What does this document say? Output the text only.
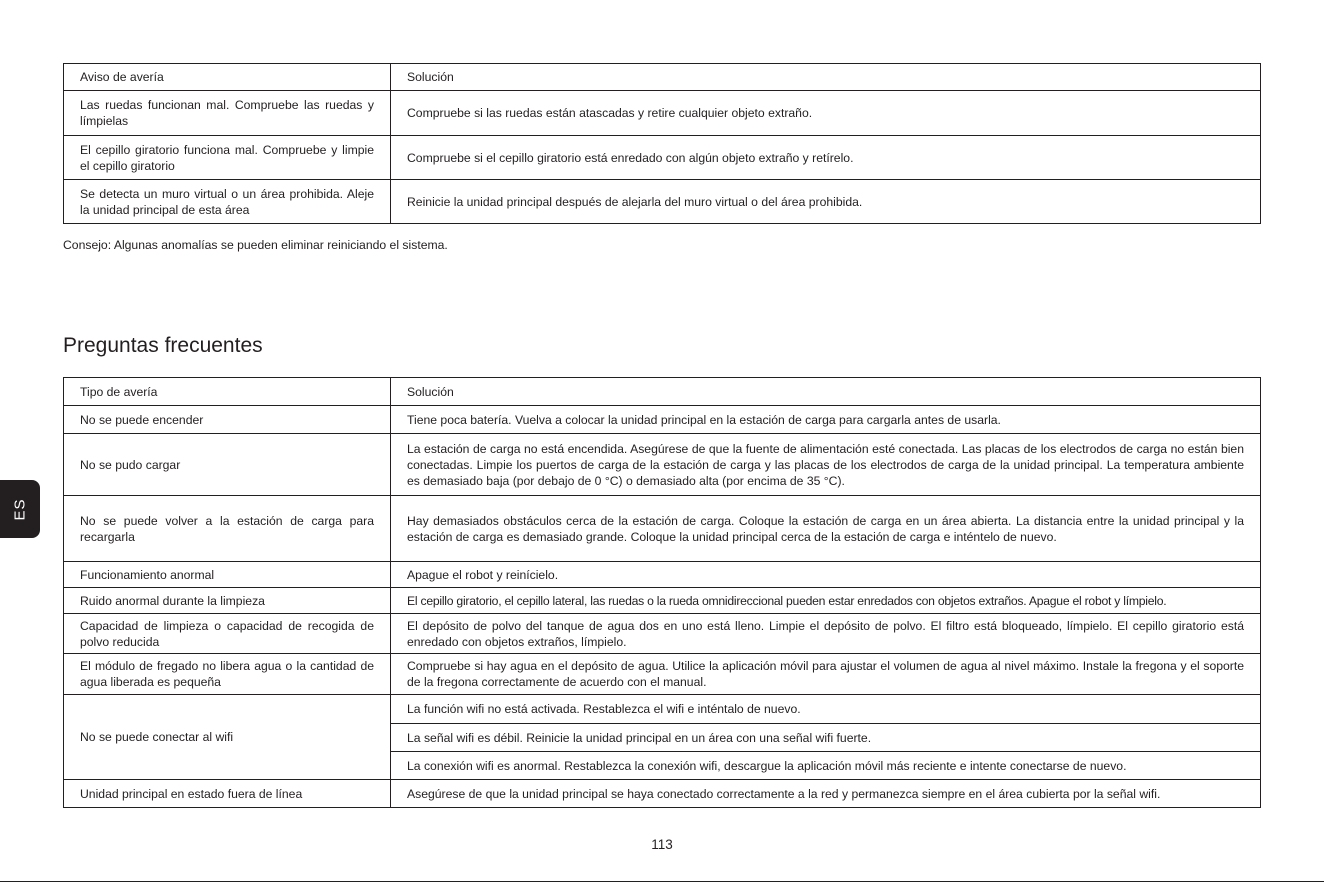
Aviso de avería	Solución
Las ruedas funcionan mal. Compruebe las ruedas y límpielas	Compruebe si las ruedas están atascadas y retire cualquier objeto extraño.
El cepillo giratorio funciona mal. Compruebe y limpie el cepillo giratorio	Compruebe si el cepillo giratorio está enredado con algún objeto extraño y retírelo.
Se detecta un muro virtual o un área prohibida. Aleje la unidad principal de esta área	Reinicie la unidad principal después de alejarla del muro virtual o del área prohibida.

Consejo: Algunas anomalías se pueden eliminar reiniciando el sistema.

Preguntas frecuentes
Tipo de avería	Solución
No se puede encender	Tiene poca batería. Vuelva a colocar la unidad principal en la estación de carga para cargarla antes de usarla.
No se pudo cargar	La estación de carga no está encendida. Asegúrese de que la fuente de alimentación esté conectada. Las placas de los electrodos de carga no están bien conectadas. Limpie los puertos de carga de la estación de carga y las placas de los electrodos de carga de la unidad principal. La temperatura ambiente es demasiado baja (por debajo de 0 °C) o demasiado alta (por encima de 35 °C).
No se puede volver a la estación de carga para recargarla	Hay demasiados obstáculos cerca de la estación de carga. Coloque la estación de carga en un área abierta. La distancia entre la unidad principal y la estación de carga es demasiado grande. Coloque la unidad principal cerca de la estación de carga e inténtelo de nuevo.
Funcionamiento anormal	Apague el robot y reinícielo.
Ruido anormal durante la limpieza	El cepillo giratorio, el cepillo lateral, las ruedas o la rueda omnidireccional pueden estar enredados con objetos extraños. Apague el robot y límpielo.
Capacidad de limpieza o capacidad de recogida de polvo reducida	El depósito de polvo del tanque de agua dos en uno está lleno. Limpie el depósito de polvo. El filtro está bloqueado, límpielo. El cepillo giratorio está enredado con objetos extraños, límpielo.
El módulo de fregado no libera agua o la cantidad de agua liberada es pequeña	Compruebe si hay agua en el depósito de agua. Utilice la aplicación móvil para ajustar el volumen de agua al nivel máximo. Instale la fregona y el soporte de la fregona correctamente de acuerdo con el manual.
No se puede conectar al wifi	La función wifi no está activada. Restablezca el wifi e inténtalo de nuevo.
	La señal wifi es débil. Reinicie la unidad principal en un área con una señal wifi fuerte.
	La conexión wifi es anormal. Restablezca la conexión wifi, descargue la aplicación móvil más reciente e intente conectarse de nuevo.
Unidad principal en estado fuera de línea	Asegúrese de que la unidad principal se haya conectado correctamente a la red y permanezca siempre en el área cubierta por la señal wifi.
ES
113
